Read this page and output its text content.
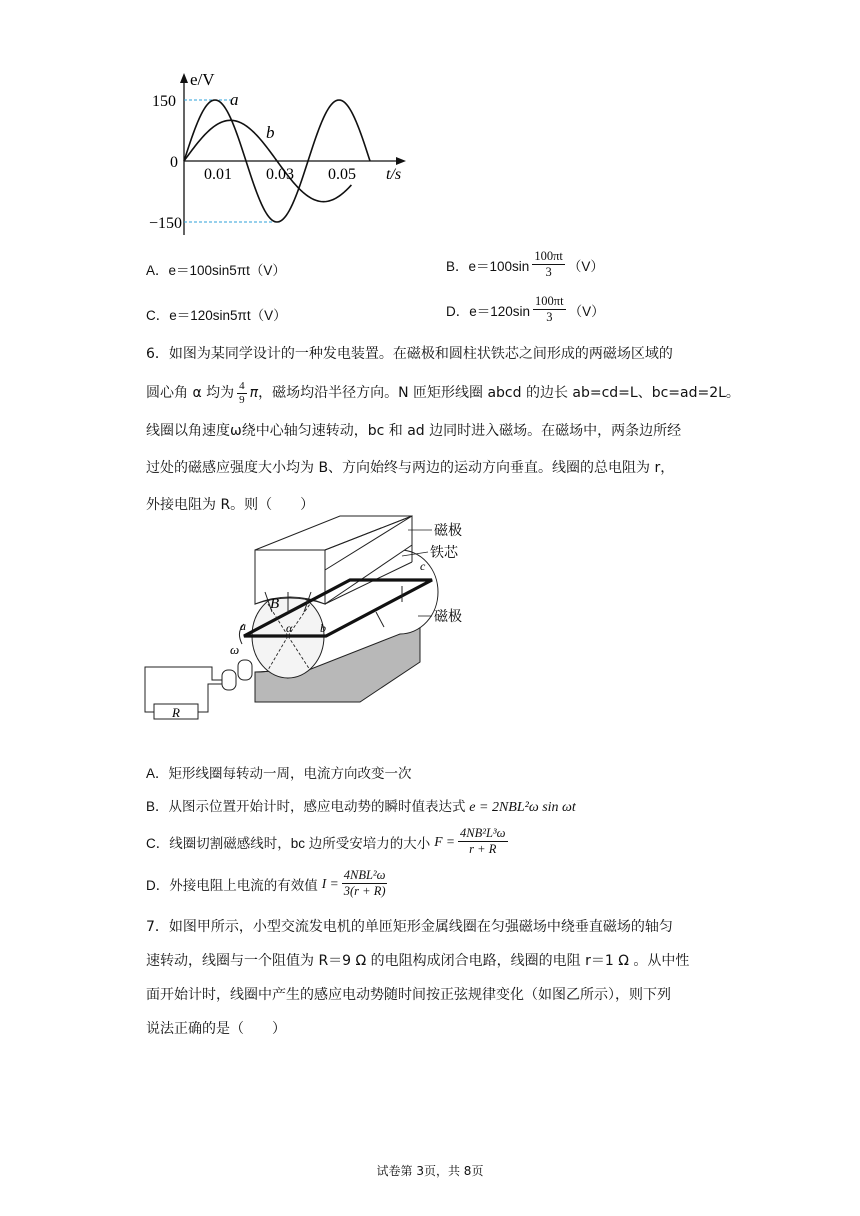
e/V
t/s
150
0
−150
0.01 0.03 0.05
a
b
A．e＝100sin5πt（V）	B． $e=100\sin \frac{100\pi t}{3} (V)$
C．e＝120sin5πt（V）	D． $e=120\sin \frac{100\pi t}{3} (V)$
6．如图为某同学设计的一种发电装置。在磁极和圆柱状铁芯之间形成的两磁场区域的
圆心角 α 均为 $\frac{4}{9}$ π ，磁场均沿半径方向。N 匝矩形线圈 abcd 的边长 ab=cd=L、bc=ad=2L。
线圈以角速度ω绕中心轴匀速转动，bc 和 ad 边同时进入磁场。在磁场中，两条边所经
过处的磁感应强度大小均为 B、方向始终与两边的运动方向垂直。线圈的总电阻为 r，
外接电阻为 R。则（　　）
R
B
α
a	b
c
ω
磁极
铁芯
磁极
A．矩形线圈每转动一周，电流方向改变一次
B．从图示位置开始计时，感应电动势的瞬时值表达式 e = 2NBL²ω sin ωt
C．线圈切割磁感线时，bc 边所受安培力的大小 $F = \frac{\text{4NB²L³ω}}{r + R}$
D．外接电阻上电流的有效值 $I = \frac{\text{4NBL²ω}}{3(r + R)}$
7．如图甲所示，小型交流发电机的单匝矩形金属线圈在匀强磁场中绕垂直磁场的轴匀
速转动，线圈与一个阻值为 R＝9 Ω 的电阻构成闭合电路，线圈的电阻 r＝1 Ω 。从中性
面开始计时，线圈中产生的感应电动势随时间按正弦规律变化（如图乙所示），则下列
说法正确的是（　　）
试卷第 3页，共 8页
